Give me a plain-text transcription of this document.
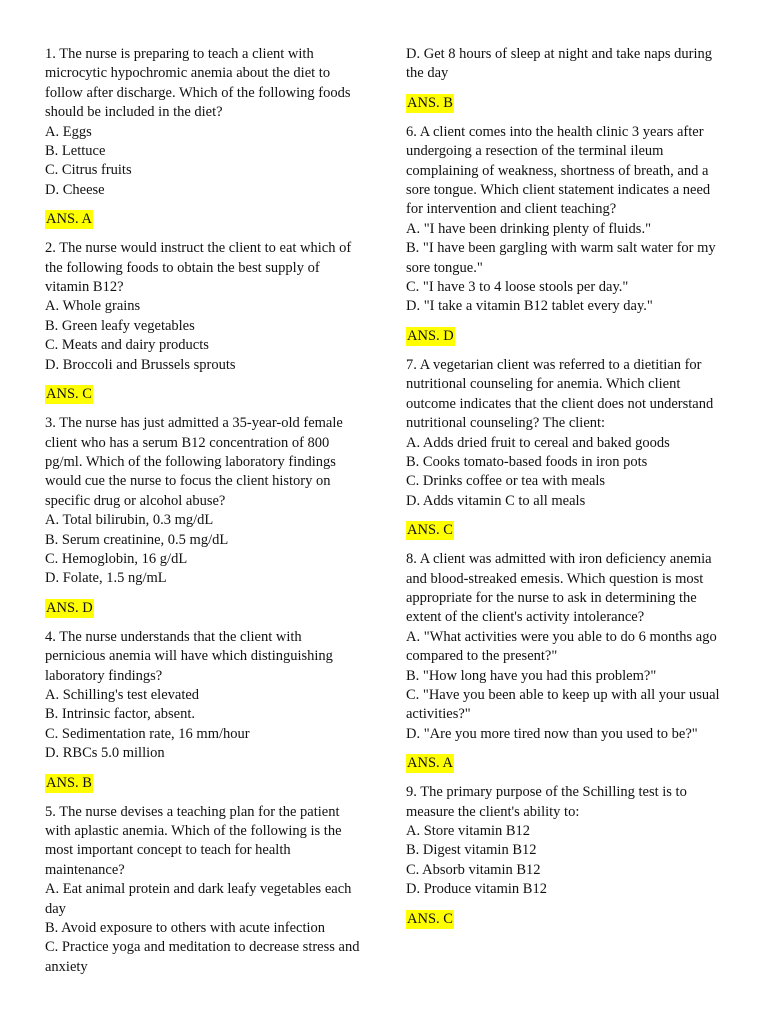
1. The nurse is preparing to teach a client with microcytic hypochromic anemia about the diet to follow after discharge. Which of the following foods should be included in the diet?
A. Eggs
B. Lettuce
C. Citrus fruits
D. Cheese
ANS. A
2. The nurse would instruct the client to eat which of the following foods to obtain the best supply of vitamin B12?
A. Whole grains
B. Green leafy vegetables
C. Meats and dairy products
D. Broccoli and Brussels sprouts
ANS. C
3. The nurse has just admitted a 35-year-old female client who has a serum B12 concentration of 800 pg/ml. Which of the following laboratory findings would cue the nurse to focus the client history on specific drug or alcohol abuse?
A. Total bilirubin, 0.3 mg/dL
B. Serum creatinine, 0.5 mg/dL
C. Hemoglobin, 16 g/dL
D. Folate, 1.5 ng/mL
ANS. D
4. The nurse understands that the client with pernicious anemia will have which distinguishing laboratory findings?
A. Schilling's test elevated
B. Intrinsic factor, absent.
C. Sedimentation rate, 16 mm/hour
D. RBCs 5.0 million
ANS. B
5. The nurse devises a teaching plan for the patient with aplastic anemia. Which of the following is the most important concept to teach for health maintenance?
A. Eat animal protein and dark leafy vegetables each day
B. Avoid exposure to others with acute infection
C. Practice yoga and meditation to decrease stress and anxiety
D. Get 8 hours of sleep at night and take naps during the day
ANS. B
6. A client comes into the health clinic 3 years after undergoing a resection of the terminal ileum complaining of weakness, shortness of breath, and a sore tongue. Which client statement indicates a need for intervention and client teaching?
A. "I have been drinking plenty of fluids."
B. "I have been gargling with warm salt water for my sore tongue."
C. "I have 3 to 4 loose stools per day."
D. "I take a vitamin B12 tablet every day."
ANS. D
7. A vegetarian client was referred to a dietitian for nutritional counseling for anemia. Which client outcome indicates that the client does not understand nutritional counseling? The client:
A. Adds dried fruit to cereal and baked goods
B. Cooks tomato-based foods in iron pots
C. Drinks coffee or tea with meals
D. Adds vitamin C to all meals
ANS. C
8. A client was admitted with iron deficiency anemia and blood-streaked emesis. Which question is most appropriate for the nurse to ask in determining the extent of the client's activity intolerance?
A. "What activities were you able to do 6 months ago compared to the present?"
B. "How long have you had this problem?"
C. "Have you been able to keep up with all your usual activities?"
D. "Are you more tired now than you used to be?"
ANS. A
9. The primary purpose of the Schilling test is to measure the client's ability to:
A. Store vitamin B12
B. Digest vitamin B12
C. Absorb vitamin B12
D. Produce vitamin B12
ANS. C
